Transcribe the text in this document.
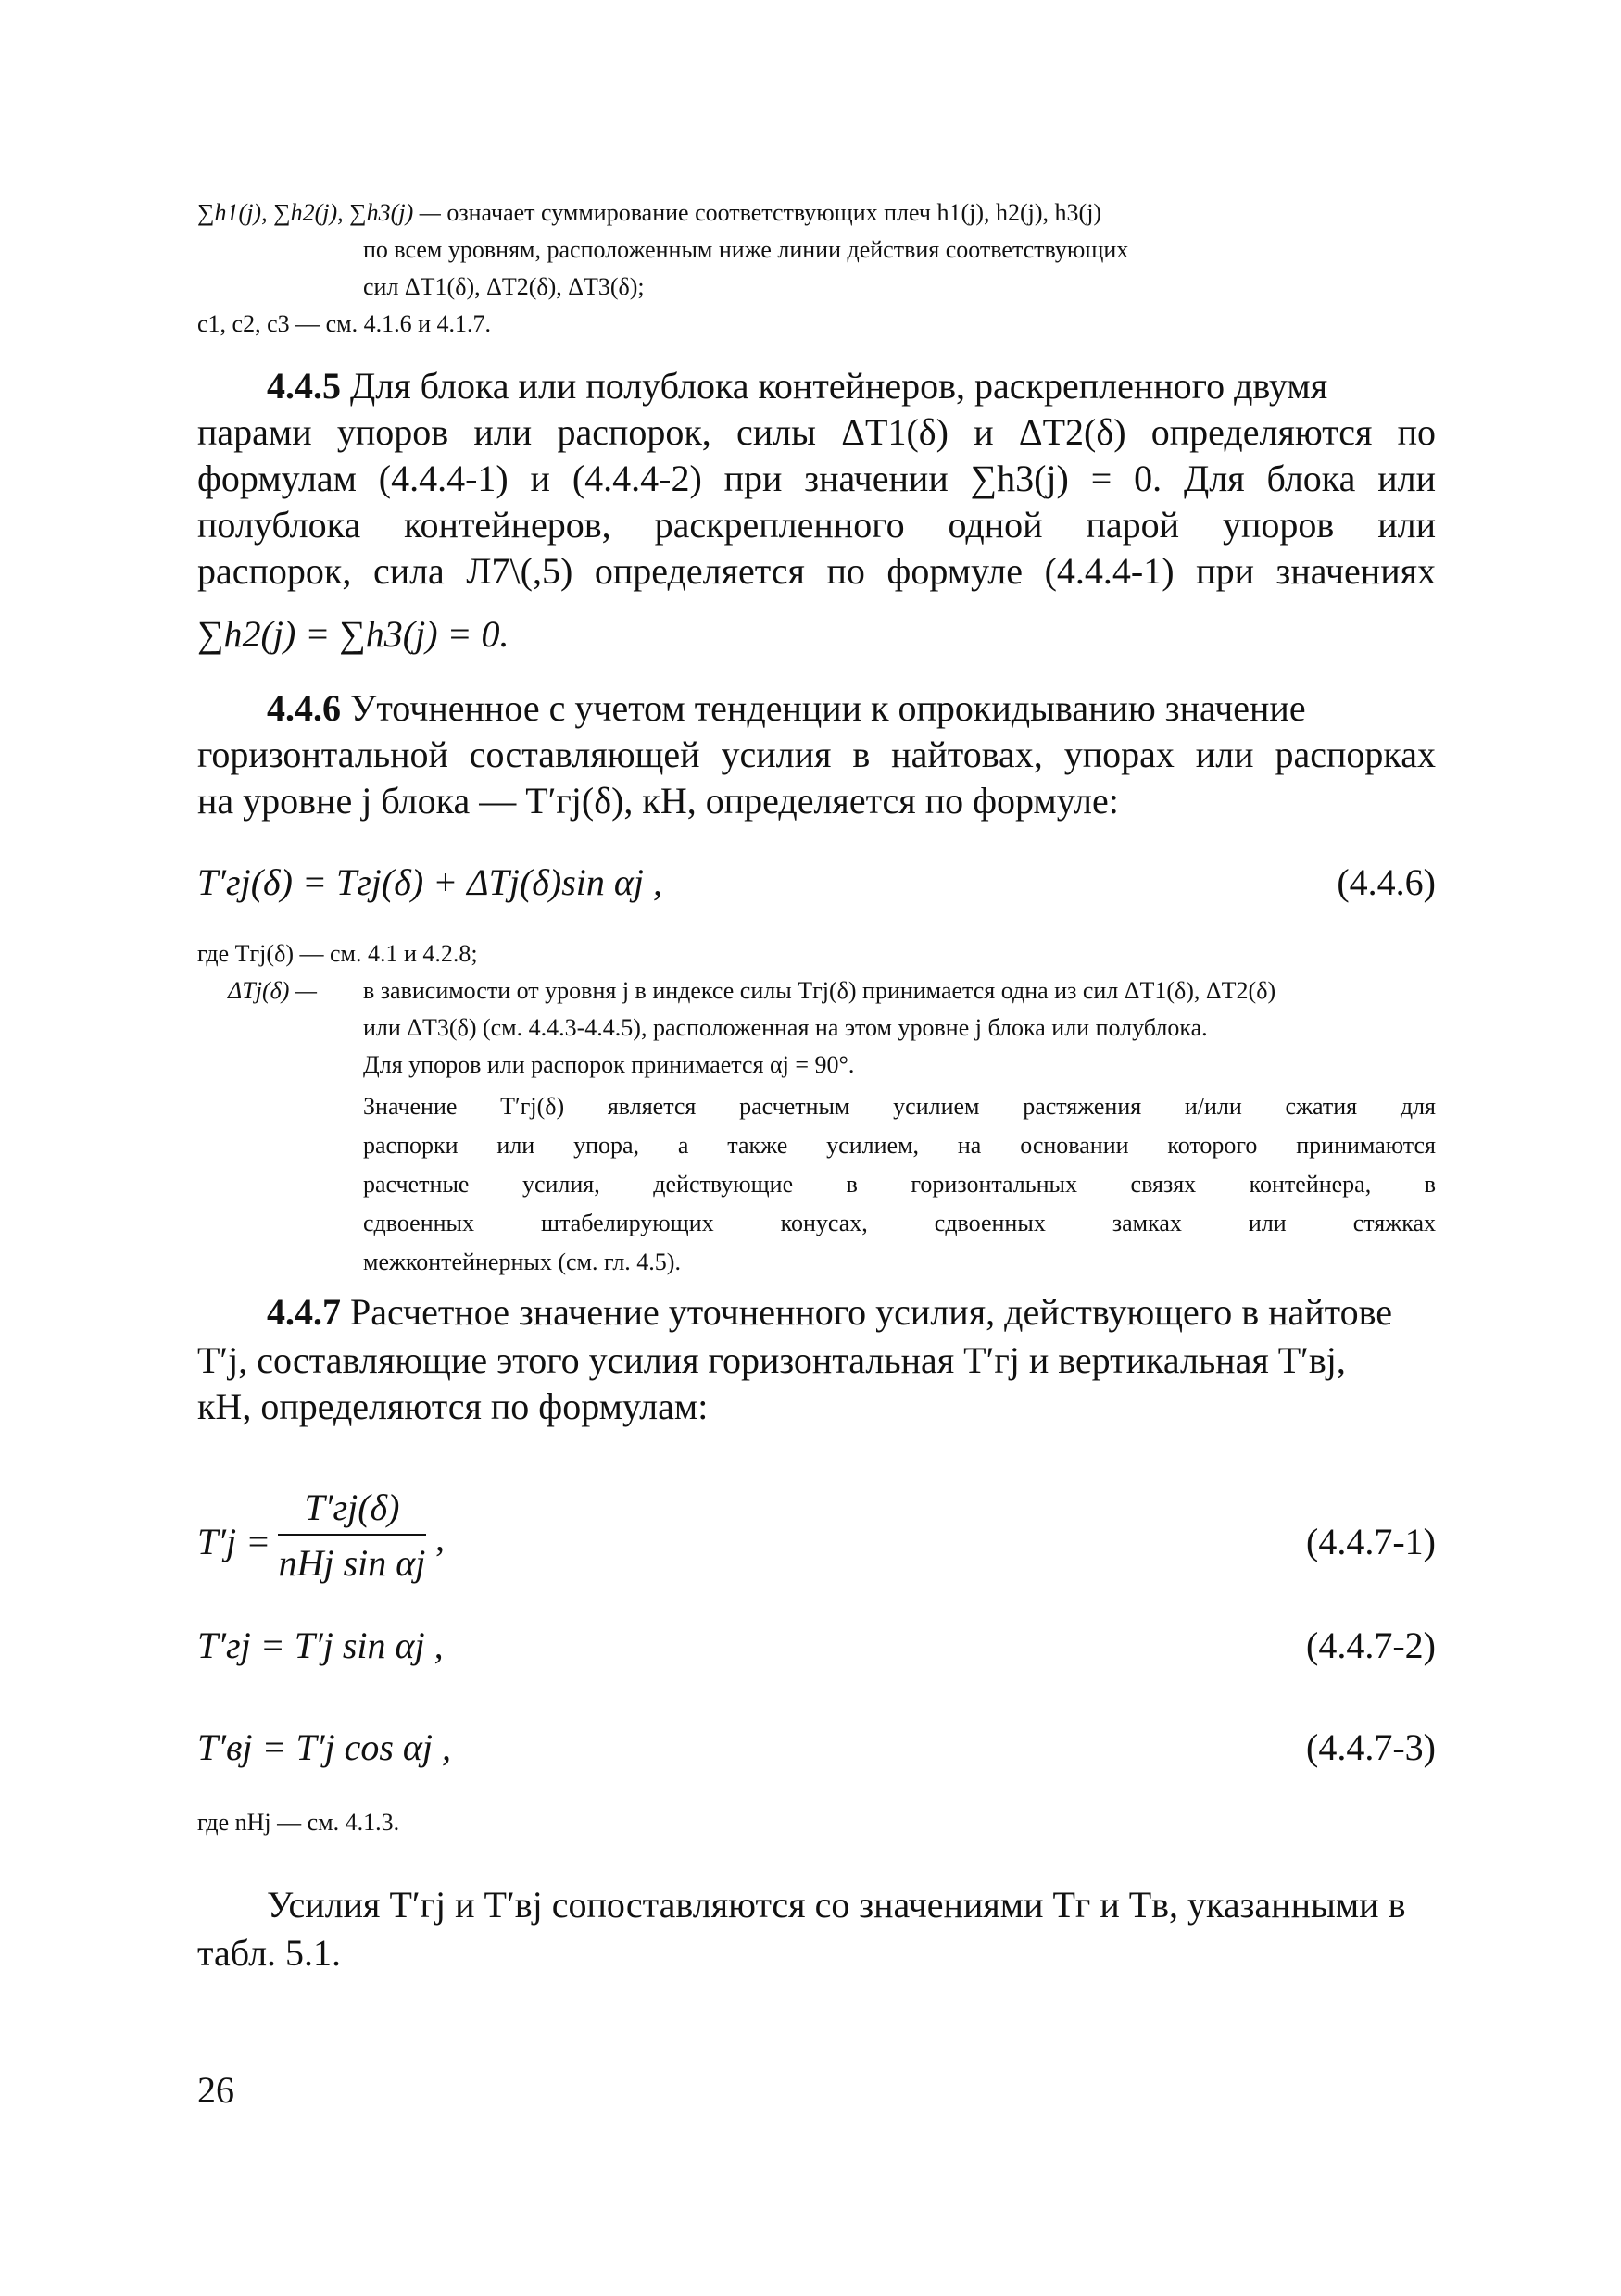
∑h1(j), ∑h2(j), ∑h3(j) — означает суммирование соответствующих плеч h1(j), h2(j), h3(j)
по всем уровням, расположенным ниже линии действия соответствующих
сил ΔT1(δ), ΔT2(δ), ΔT3(δ);
c1, c2, c3 — см. 4.1.6 и 4.1.7.
4.4.5 Для блока или полублока контейнеров, раскрепленного двумя
парами упоров или распорок, силы ΔT1(δ) и ΔT2(δ) определяются по
формулам (4.4.4-1) и (4.4.4-2) при значении ∑h3(j) = 0. Для блока или
полублока контейнеров, раскрепленного одной парой упоров или
распорок, сила Л7\(,5) определяется по формуле (4.4.4-1) при значениях
∑h2(j) = ∑h3(j) = 0.
4.4.6 Уточненное с учетом тенденции к опрокидыванию значение
горизонтальной составляющей усилия в найтовах, упорах или распорках
на уровне j блока — T′гj(δ), кН, определяется по формуле:
T′гj(δ) = Tгj(δ) + ΔTj(δ)sin αj ,	(4.4.6)
где Tгj(δ) — см. 4.1 и 4.2.8;
ΔTj(δ) — в зависимости от уровня j в индексе силы Tгj(δ) принимается одна из сил ΔT1(δ), ΔT2(δ)
или ΔT3(δ) (см. 4.4.3-4.4.5), расположенная на этом уровне j блока или полублока.
Для упоров или распорок принимается αj = 90°.
Значение T′гj(δ) является расчетным усилием растяжения и/или сжатия для
распорки или упора, а также усилием, на основании которого принимаются
расчетные усилия, действующие в горизонтальных связях контейнера, в
сдвоенных штабелирующих конусах, сдвоенных замках или стяжках
межконтейнерных (см. гл. 4.5).
4.4.7 Расчетное значение уточненного усилия, действующего в найтове
T′j, составляющие этого усилия горизонтальная T′гj и вертикальная T′вj,
кН, определяются по формулам:
T′j =
T′гj(δ)
nHj sin αj
,	(4.4.7-1)
T′гj = T′j sin αj ,	(4.4.7-2)
T′вj = T′j cos αj ,	(4.4.7-3)
где nHj — см. 4.1.3.
Усилия T′гj и T′вj сопоставляются со значениями Tг и Tв, указанными в
табл. 5.1.
26
